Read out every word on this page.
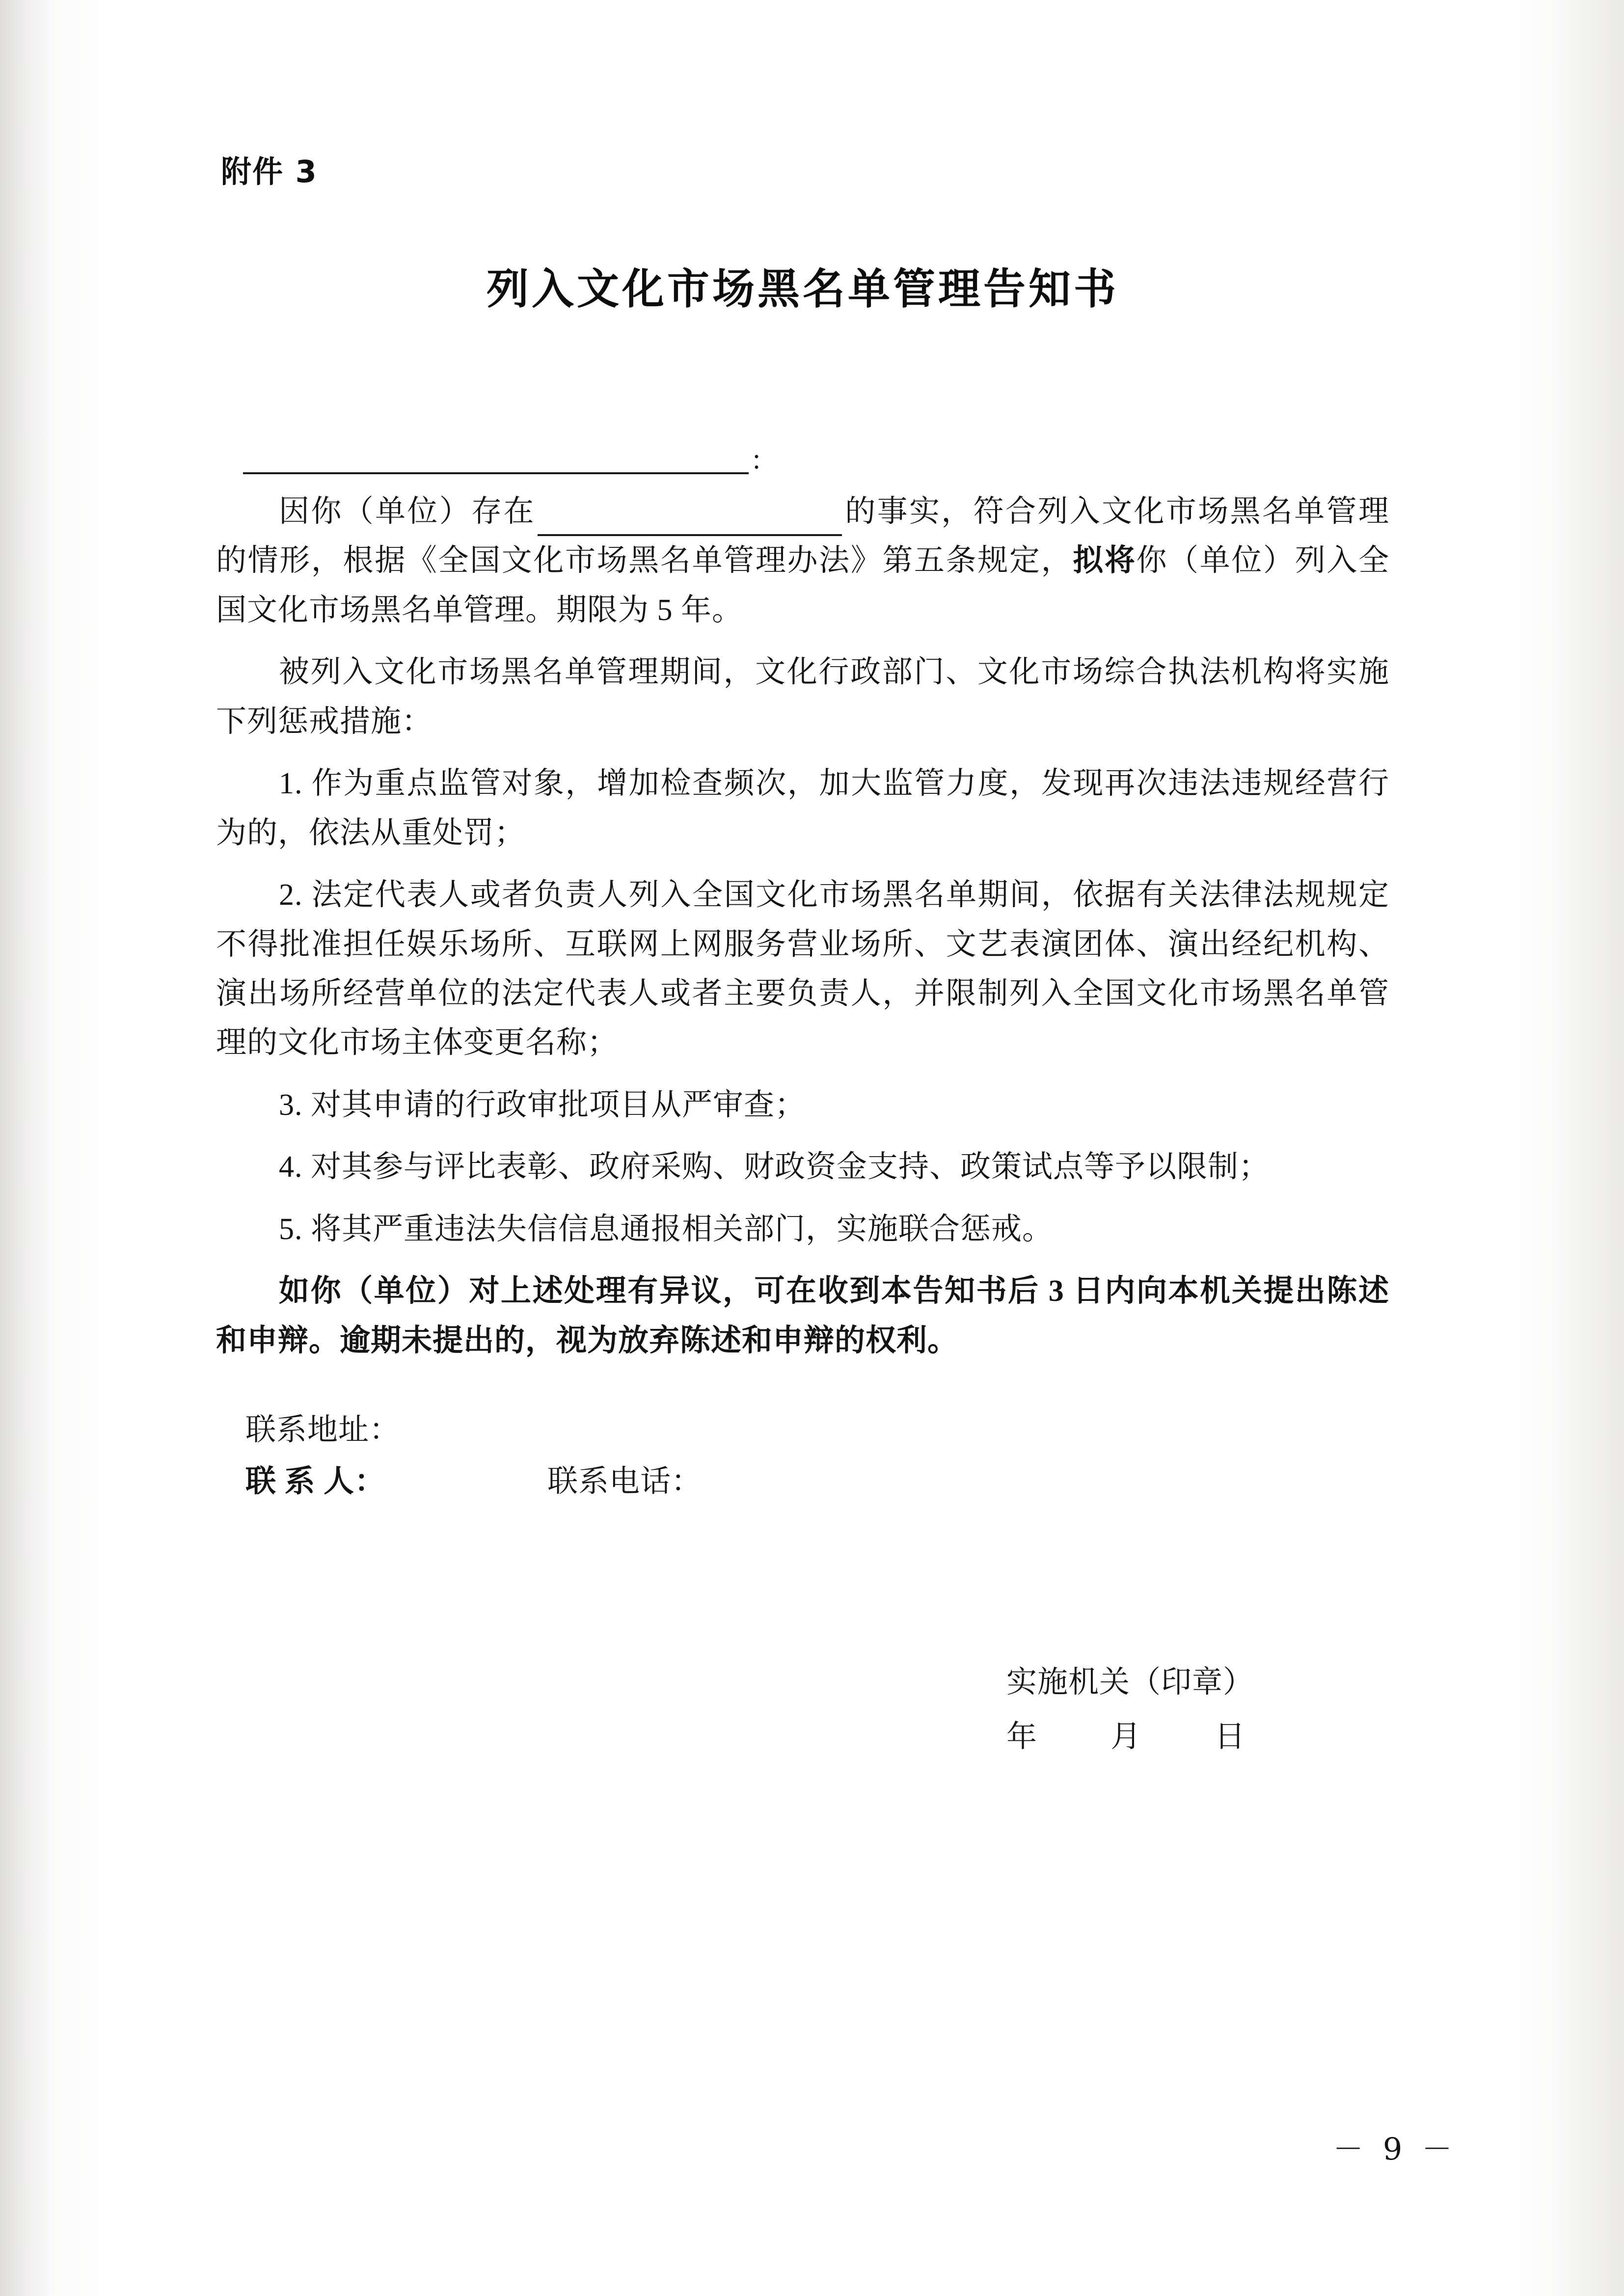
附件 3
列入文化市场黑名单管理告知书
:

因你（单位）存在	的事实，符合列入文化市场黑名单管理的情形，根据《全国文化市场黑名单管理办法》第五条规定，拟将你（单位）列入全国文化市场黑名单管理。期限为 5 年。

被列入文化市场黑名单管理期间，文化行政部门、文化市场综合执法机构将实施下列惩戒措施：

1. 作为重点监管对象，增加检查频次，加大监管力度，发现再次违法违规经营行为的，依法从重处罚；

2. 法定代表人或者负责人列入全国文化市场黑名单期间，依据有关法律法规规定不得批准担任娱乐场所、互联网上网服务营业场所、文艺表演团体、演出经纪机构、演出场所经营单位的法定代表人或者主要负责人，并限制列入全国文化市场黑名单管理的文化市场主体变更名称；

3. 对其申请的行政审批项目从严审查；

4. 对其参与评比表彰、政府采购、财政资金支持、政策试点等予以限制；

5. 将其严重违法失信信息通报相关部门，实施联合惩戒。

如你（单位）对上述处理有异议，可在收到本告知书后 3 日内向本机关提出陈述和申辩。逾期未提出的，视为放弃陈述和申辩的权利。

联系地址：
联 系 人：	联系电话：
实施机关（印章）
年 月 日
－ 9 －
